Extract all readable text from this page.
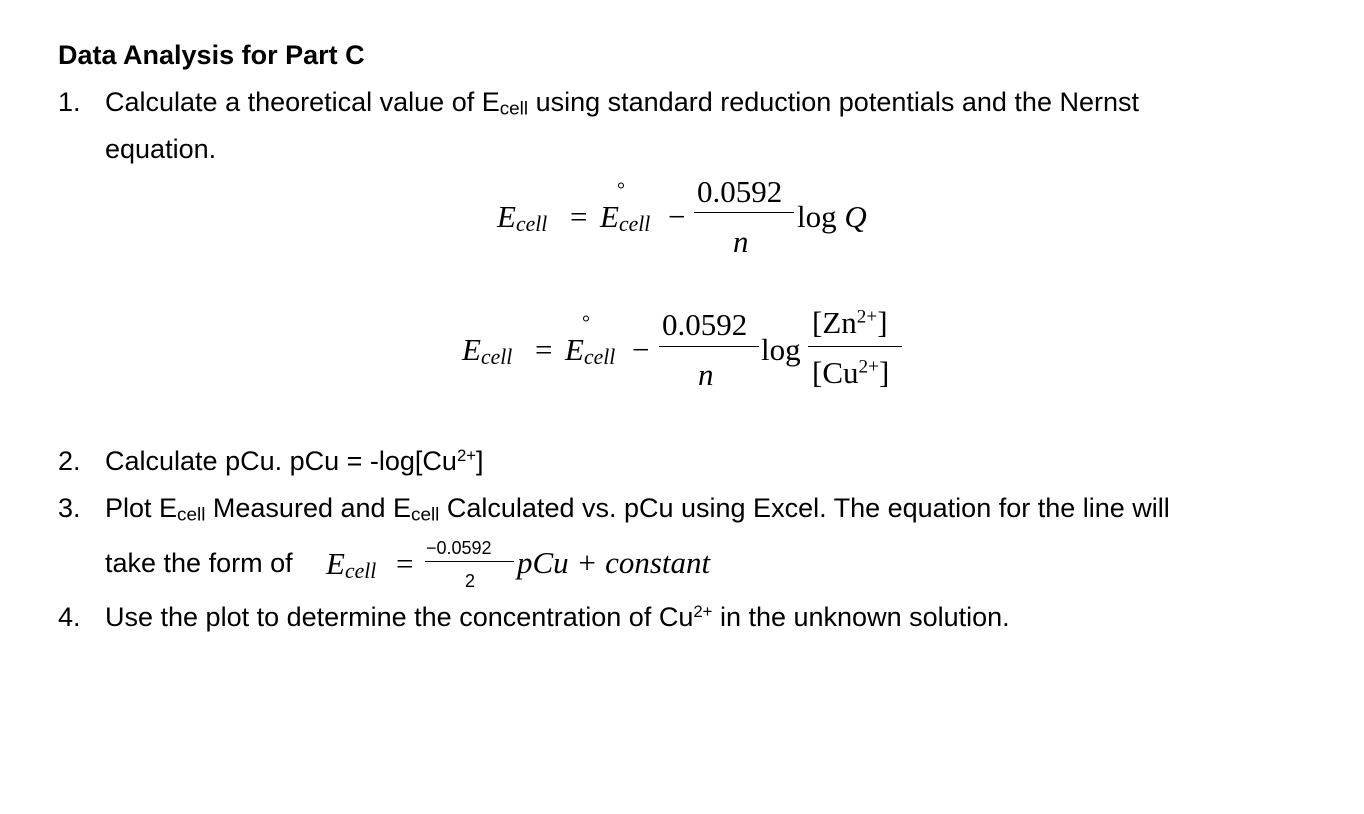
Data Analysis for Part C
1. Calculate a theoretical value of Ecell using standard reduction potentials and the Nernst
equation.
Ecell = Ecell
°
−
0.0592
n
log Q
Ecell = Ecell
°
−
0.0592
n
log
$[Zn^{2+}]$
$[Cu^{2+}]$
2. Calculate pCu. pCu = $-\log[Cu^{2+}]$
3. Plot Ecell Measured and Ecell Calculated vs. pCu using Excel. The equation for the line will
take the form of Ecell = −0.0592
2
pCu + constant
4. Use the plot to determine the concentration of $Cu^{2+}$ in the unknown solution.
